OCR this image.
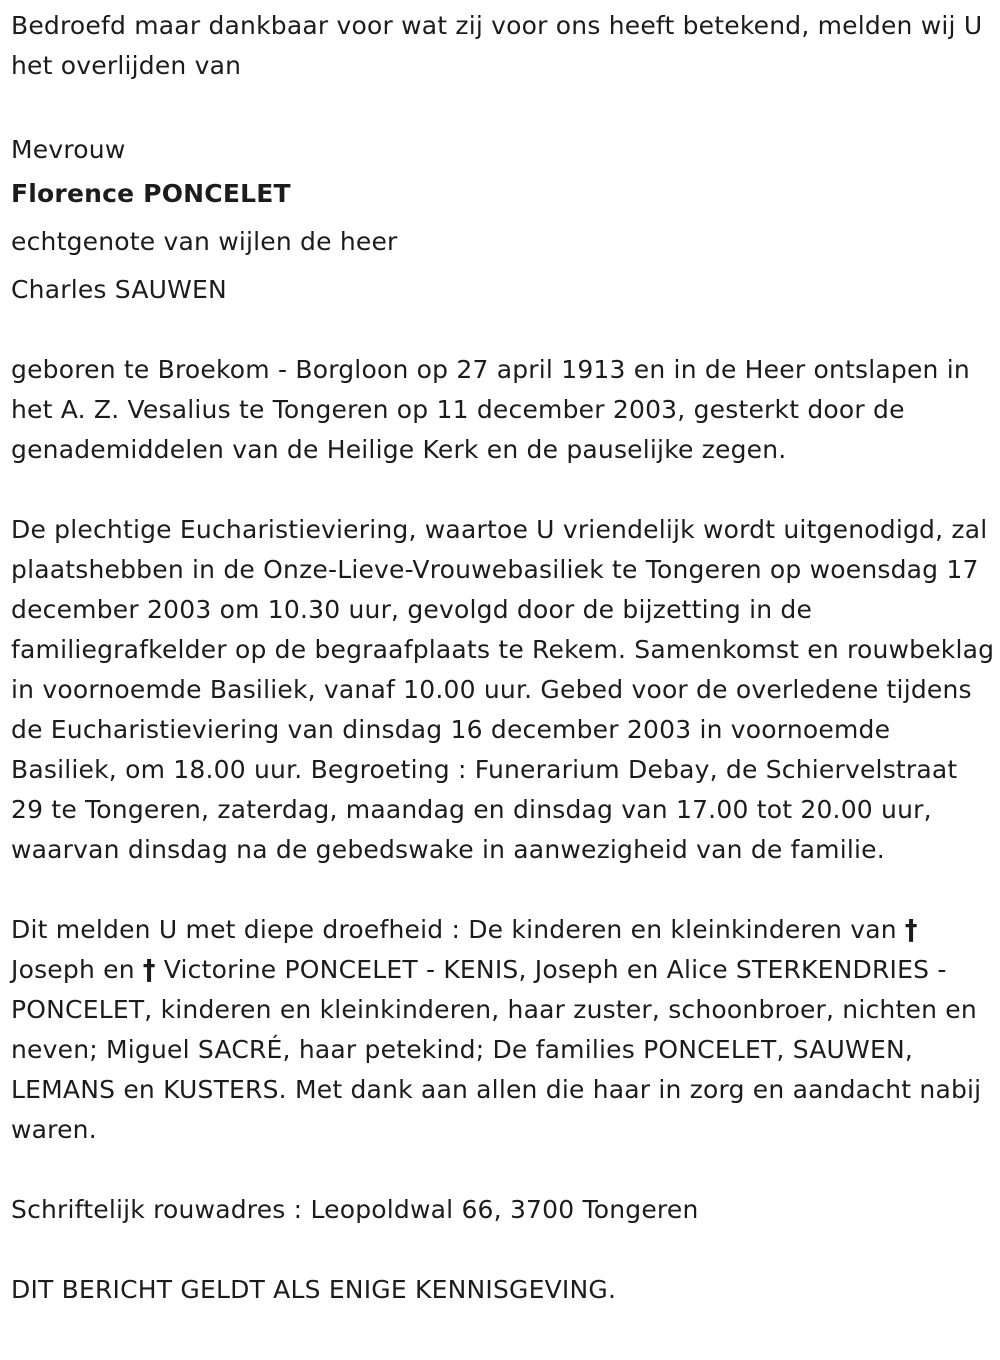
Bedroefd maar dankbaar voor wat zij voor ons heeft betekend, melden wij U het overlijden van

Mevrouw

Florence PONCELET

echtgenote van wijlen de heer

Charles SAUWEN

geboren te Broekom - Borgloon op 27 april 1913 en in de Heer ontslapen in het A. Z. Vesalius te Tongeren op 11 december 2003, gesterkt door de genademiddelen van de Heilige Kerk en de pauselijke zegen.

De plechtige Eucharistieviering, waartoe U vriendelijk wordt uitgenodigd, zal plaatshebben in de Onze-Lieve-Vrouwebasiliek te Tongeren op woensdag 17 december 2003 om 10.30 uur, gevolgd door de bijzetting in de familiegrafkelder op de begraafplaats te Rekem. Samenkomst en rouwbeklag in voornoemde Basiliek, vanaf 10.00 uur. Gebed voor de overledene tijdens de Eucharistieviering van dinsdag 16 december 2003 in voornoemde Basiliek, om 18.00 uur. Begroeting : Funerarium Debay, de Schiervelstraat 29 te Tongeren, zaterdag, maandag en dinsdag van 17.00 tot 20.00 uur, waarvan dinsdag na de gebedswake in aanwezigheid van de familie.

Dit melden U met diepe droefheid : De kinderen en kleinkinderen van † Joseph en † Victorine PONCELET - KENIS, Joseph en Alice STERKENDRIES - PONCELET, kinderen en kleinkinderen, haar zuster, schoonbroer, nichten en neven; Miguel SACRÉ, haar petekind; De families PONCELET, SAUWEN, LEMANS en KUSTERS. Met dank aan allen die haar in zorg en aandacht nabij waren.

Schriftelijk rouwadres : Leopoldwal 66, 3700 Tongeren

DIT BERICHT GELDT ALS ENIGE KENNISGEVING.
